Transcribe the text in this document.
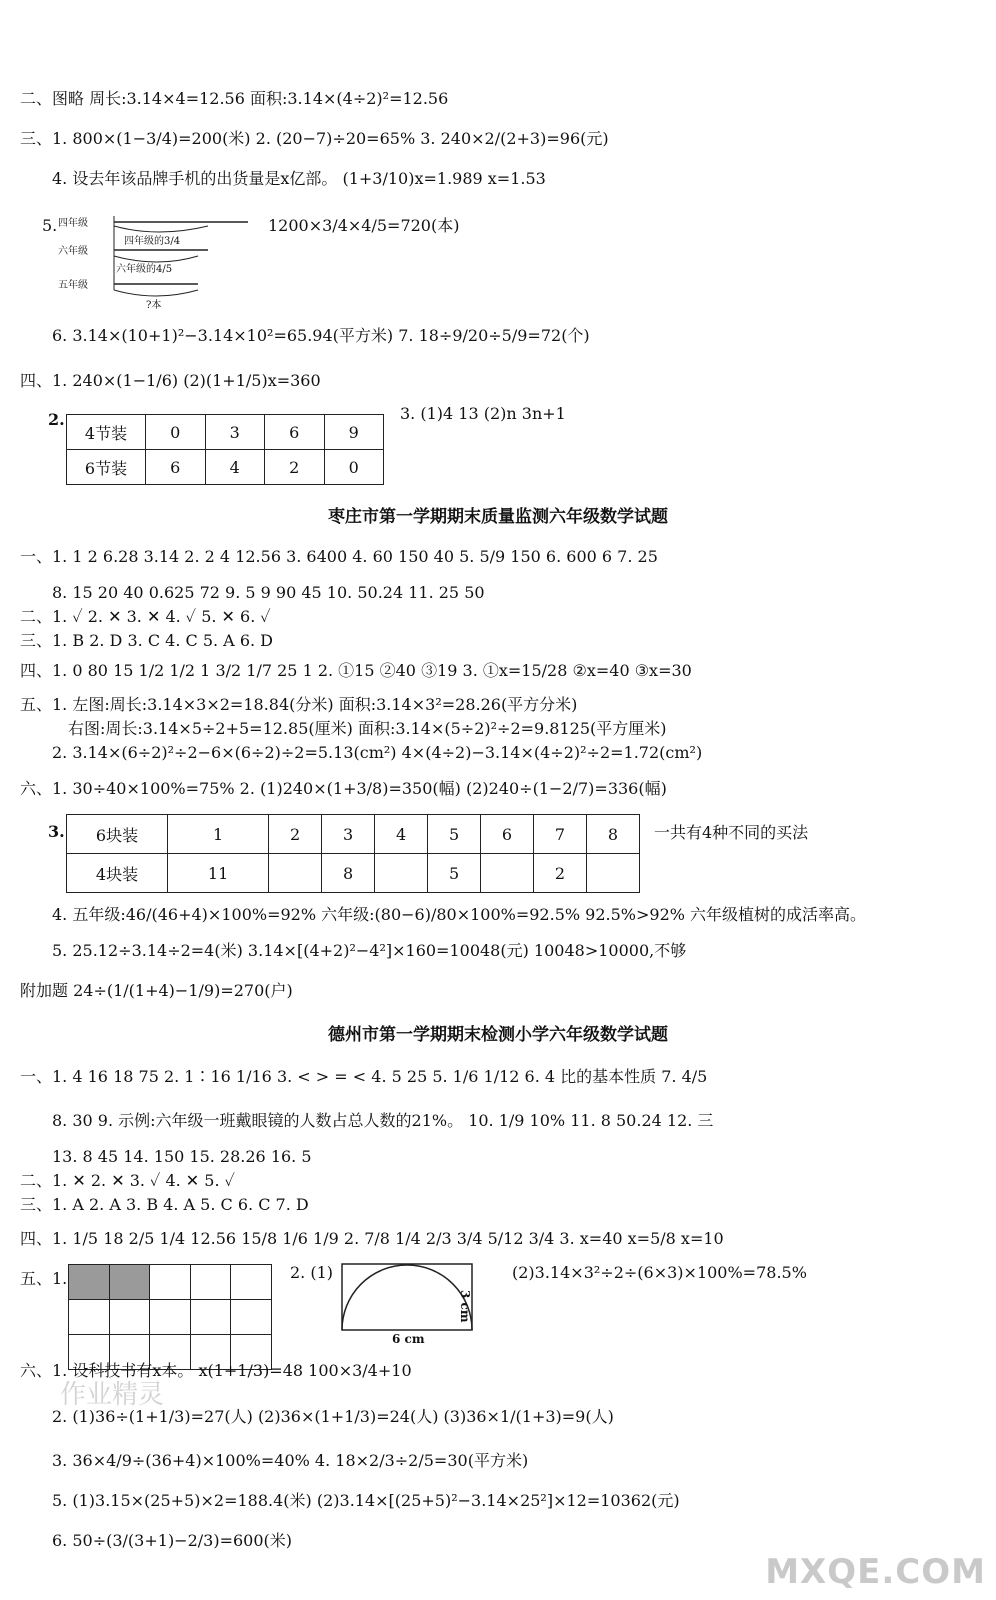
二、图略 周长:3.14×4=12.56 面积:3.14×(4÷2)²=12.56
三、1. 800×(1−3/4)=200(米) 2. (20−7)÷20=65% 3. 240×2/(2+3)=96(元)
4. 设去年该品牌手机的出货量是x亿部。 (1+3/10)x=1.989 x=1.53
5. 四年级
六年级
五年级
四年级的3/4
六年级的4/5
?本
1200×3/4×4/5=720(本)
6. 3.14×(10+1)²−3.14×10²=65.94(平方米) 7. 18÷9/20÷5/9=72(个)
四、1. 240×(1−1/6) (2)(1+1/5)x=360
2.
4节装	0	3	6	9
6节装	6	4	2	0
3. (1)4 13 (2)n 3n+1
枣庄市第一学期期末质量监测六年级数学试题
一、1. 1 2 6.28 3.14 2. 2 4 12.56 3. 6400 4. 60 150 40 5. 5/9 150 6. 600 6 7. 25
8. 15 20 40 0.625 72 9. 5 9 90 45 10. 50.24 11. 25 50
二、1. ✓ 2. ✕ 3. ✕ 4. ✓ 5. ✕ 6. ✓
三、1. B 2. D 3. C 4. C 5. A 6. D
四、1. 0 80 15 1/2 1/2 1 3/2 1/7 25 1 2. ①15 ②40 ③19 3. ①x=15/28 ②x=40 ③x=30
五、1. 左图:周长:3.14×3×2=18.84(分米) 面积:3.14×3²=28.26(平方分米)
右图:周长:3.14×5÷2+5=12.85(厘米) 面积:3.14×(5÷2)²÷2=9.8125(平方厘米)
2. 3.14×(6÷2)²÷2−6×(6÷2)÷2=5.13(cm²) 4×(4÷2)−3.14×(4÷2)²÷2=1.72(cm²)
六、1. 30÷40×100%=75% 2. (1)240×(1+3/8)=350(幅) (2)240÷(1−2/7)=336(幅)
3. 6块装	1	2	3	4	5	6	7	8
4块装	11		8		5		2	
一共有4种不同的买法
4. 五年级:46/(46+4)×100%=92% 六年级:(80−6)/80×100%=92.5% 92.5%>92% 六年级植树的成活率高。
5. 25.12÷3.14÷2=4(米) 3.14×[(4+2)²−4²]×160=10048(元) 10048>10000,不够
附加题 24÷(1/(1+4)−1/9)=270(户)
德州市第一学期期末检测小学六年级数学试题
一、1. 4 16 18 75 2. 1∶16 1/16 3. < > = < 4. 5 25 5. 1/6 1/12 6. 4 比的基本性质 7. 4/5
8. 30 9. 示例:六年级一班戴眼镜的人数占总人数的21%。 10. 1/9 10% 11. 8 50.24 12. 三
13. 8 45 14. 150 15. 28.26 16. 5
二、1. ✕ 2. ✕ 3. ✓ 4. ✕ 5. ✓
三、1. A 2. A 3. B 4. A 5. C 6. C 7. D
四、1. 1/5 18 2/5 1/4 12.56 15/8 1/6 1/9 2. 7/8 1/4 2/3 3/4 5/12 3/4 3. x=40 x=5/8 x=10
五、1.

					2. (1)
6 cm
3 cm
(2)3.14×3²÷2÷(6×3)×100%=78.5%
六、1. 设科技书有x本。 x(1+1/3)=48 100×3/4+10
2. (1)36÷(1+1/3)=27(人) (2)36×(1+1/3)=24(人) (3)36×1/(1+3)=9(人)
3. 36×4/9÷(36+4)×100%=40% 4. 18×2/3÷2/5=30(平方米)
5. (1)3.15×(25+5)×2=188.4(米) (2)3.14×[(25+5)²−3.14×25²]×12=10362(元)
6. 50÷(3/(3+1)−2/3)=600(米)
作业精灵
MXQE.COM
